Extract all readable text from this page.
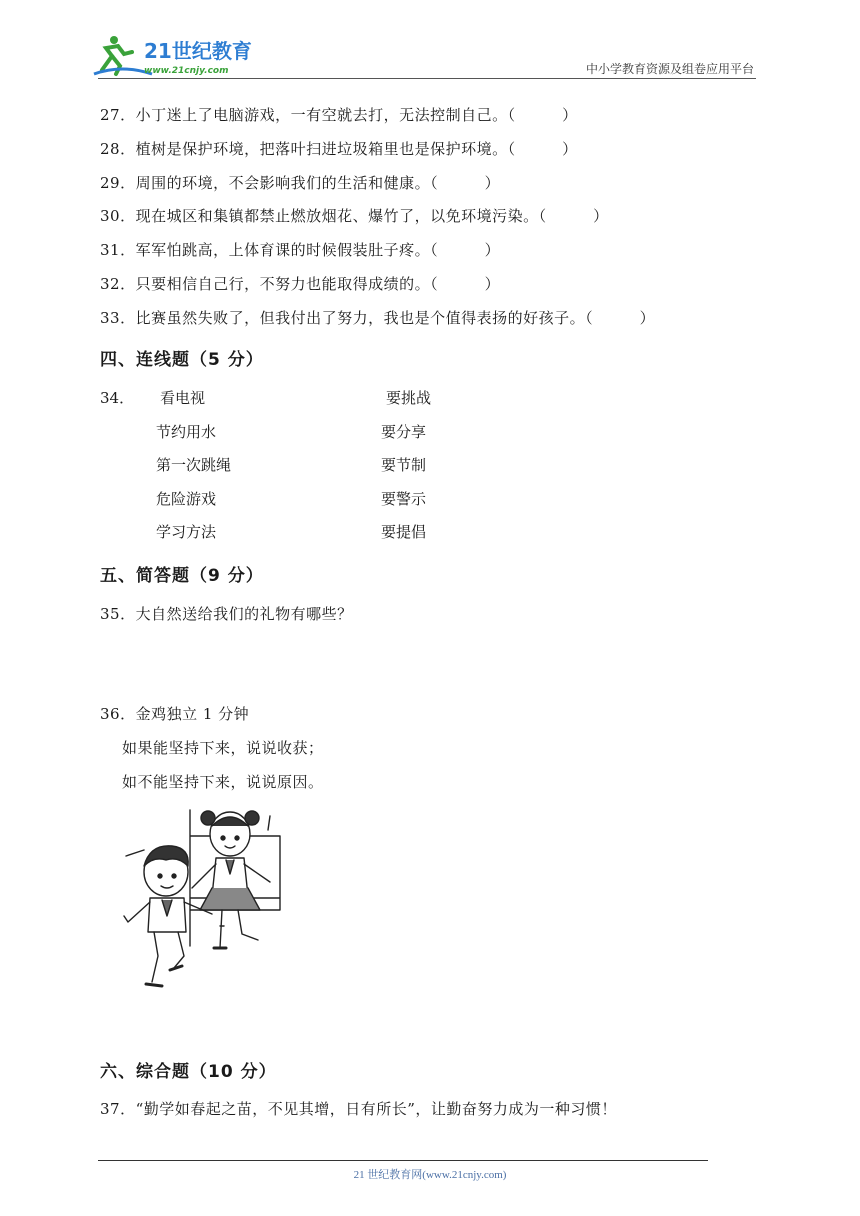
21世纪教育
www.21cnjy.com	中小学教育资源及组卷应用平台
27．小丁迷上了电脑游戏，一有空就去打，无法控制自己。（　　　）
28．植树是保护环境，把落叶扫进垃圾箱里也是保护环境。（　　　）
29．周围的环境，不会影响我们的生活和健康。（　　　）
30．现在城区和集镇都禁止燃放烟花、爆竹了，以免环境污染。（　　　）
31．军军怕跳高，上体育课的时候假装肚子疼。（　　　）
32．只要相信自己行，不努力也能取得成绩的。（　　　）
33．比赛虽然失败了，但我付出了努力，我也是个值得表扬的好孩子。（　　　）
四、连线题（5 分）
34． 看电视
节约用水
第一次跳绳
危险游戏
学习方法
要挑战
要分享
要节制
要警示
要提倡
五、简答题（9 分）
35．大自然送给我们的礼物有哪些？
36．金鸡独立 1 分钟
如果能坚持下来，说说收获；
如不能坚持下来，说说原因。
六、综合题（10 分）
37．“勤学如春起之苗，不见其增，日有所长”，让勤奋努力成为一种习惯！
21 世纪教育网(www.21cnjy.com)
